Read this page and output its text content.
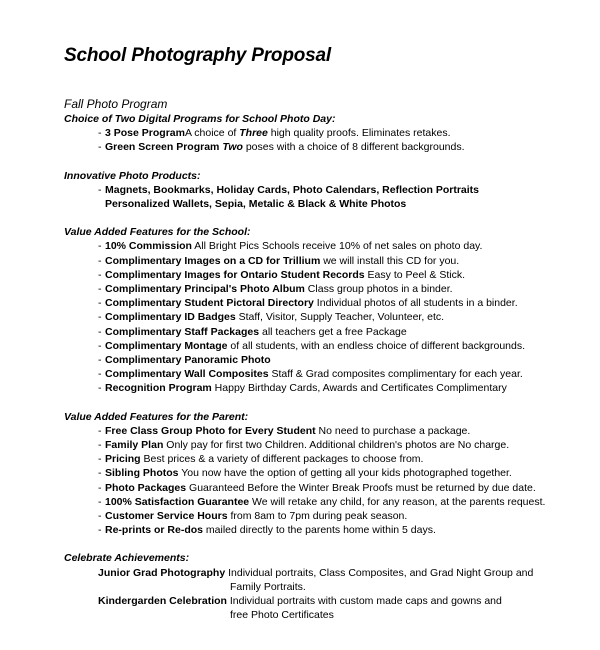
School Photography Proposal
Fall Photo Program
Choice of Two Digital Programs for School Photo Day:
- 3 Pose ProgramA choice of Three high quality proofs. Eliminates retakes.
- Green Screen Program Two poses with a choice of 8 different backgrounds.
Innovative Photo Products:
- Magnets, Bookmarks, Holiday Cards, Photo Calendars, Reflection Portraits
Personalized Wallets, Sepia, Metalic & Black & White Photos
Value Added Features for the School:
- 10% Commission All Bright Pics Schools receive 10% of net sales on photo day.
- Complimentary Images on a CD for Trillium we will install this CD for you.
- Complimentary Images for Ontario Student Records Easy to Peel & Stick.
- Complimentary Principal's Photo Album Class group photos in a binder.
- Complimentary Student Pictoral Directory Individual photos of all students in a binder.
- Complimentary ID Badges Staff, Visitor, Supply Teacher, Volunteer, etc.
- Complimentary Staff Packages all teachers get a free Package
- Complimentary Montage of all students, with an endless choice of different backgrounds.
- Complimentary Panoramic Photo
- Complimentary Wall Composites Staff & Grad composites complimentary for each year.
- Recognition Program Happy Birthday Cards, Awards and Certificates Complimentary
Value Added Features for the Parent:
- Free Class Group Photo for Every Student No need to purchase a package.
- Family Plan Only pay for first two Children. Additional children's photos are No charge.
- Pricing Best prices & a variety of different packages to choose from.
- Sibling Photos You now have the option of getting all your kids photographed together.
- Photo Packages Guaranteed Before the Winter Break Proofs must be returned by due date.
- 100% Satisfaction Guarantee We will retake any child, for any reason, at the parents request.
- Customer Service Hours from 8am to 7pm during peak season.
- Re-prints or Re-dos mailed directly to the parents home within 5 days.
Celebrate Achievements:
Junior Grad Photography Individual portraits, Class Composites, and Grad Night Group and
Family Portraits.
Kindergarden Celebration Individual portraits with custom made caps and gowns and
free Photo Certificates
